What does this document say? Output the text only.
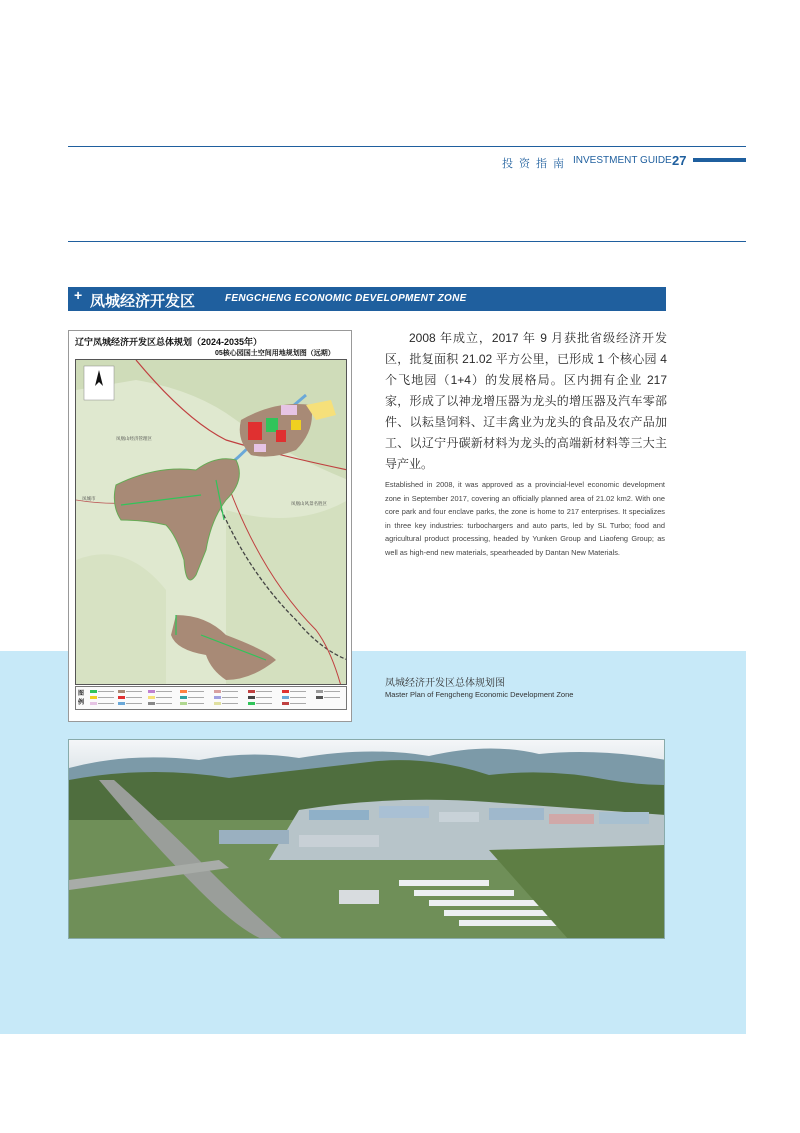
投资指南 INVESTMENT GUIDE 27
+ 凤城经济开发区	FENGCHENG ECONOMIC DEVELOPMENT ZONE
辽宁凤城经济开发区总体规划（2024-2035年）
05核心园国土空间用地规划图（远期）
凤凰山经济管理区
凤凰山风景名胜区
凤城市
图例
2008 年成立，2017 年 9 月获批省级经济开发区，批复面积 21.02 平方公里，已形成 1 个核心园 4 个飞地园（1+4）的发展格局。区内拥有企业 217 家，形成了以神龙增压器为龙头的增压器及汽车零部件、以耘垦饲料、辽丰禽业为龙头的食品及农产品加工、以辽宁丹碳新材料为龙头的高端新材料等三大主导产业。
Established in 2008, it was approved as a provincial-level economic development zone in September 2017, covering an officially planned area of 21.02 km2. With one core park and four enclave parks, the zone is home to 217 enterprises. It specializes in three key industries: turbochargers and auto parts, led by SL Turbo; food and agricultural product processing, headed by Yunken Group and Liaofeng Group; as well as high-end new materials, spearheaded by Dantan New Materials.
凤城经济开发区总体规划图
Master Plan of Fengcheng Economic Development Zone
